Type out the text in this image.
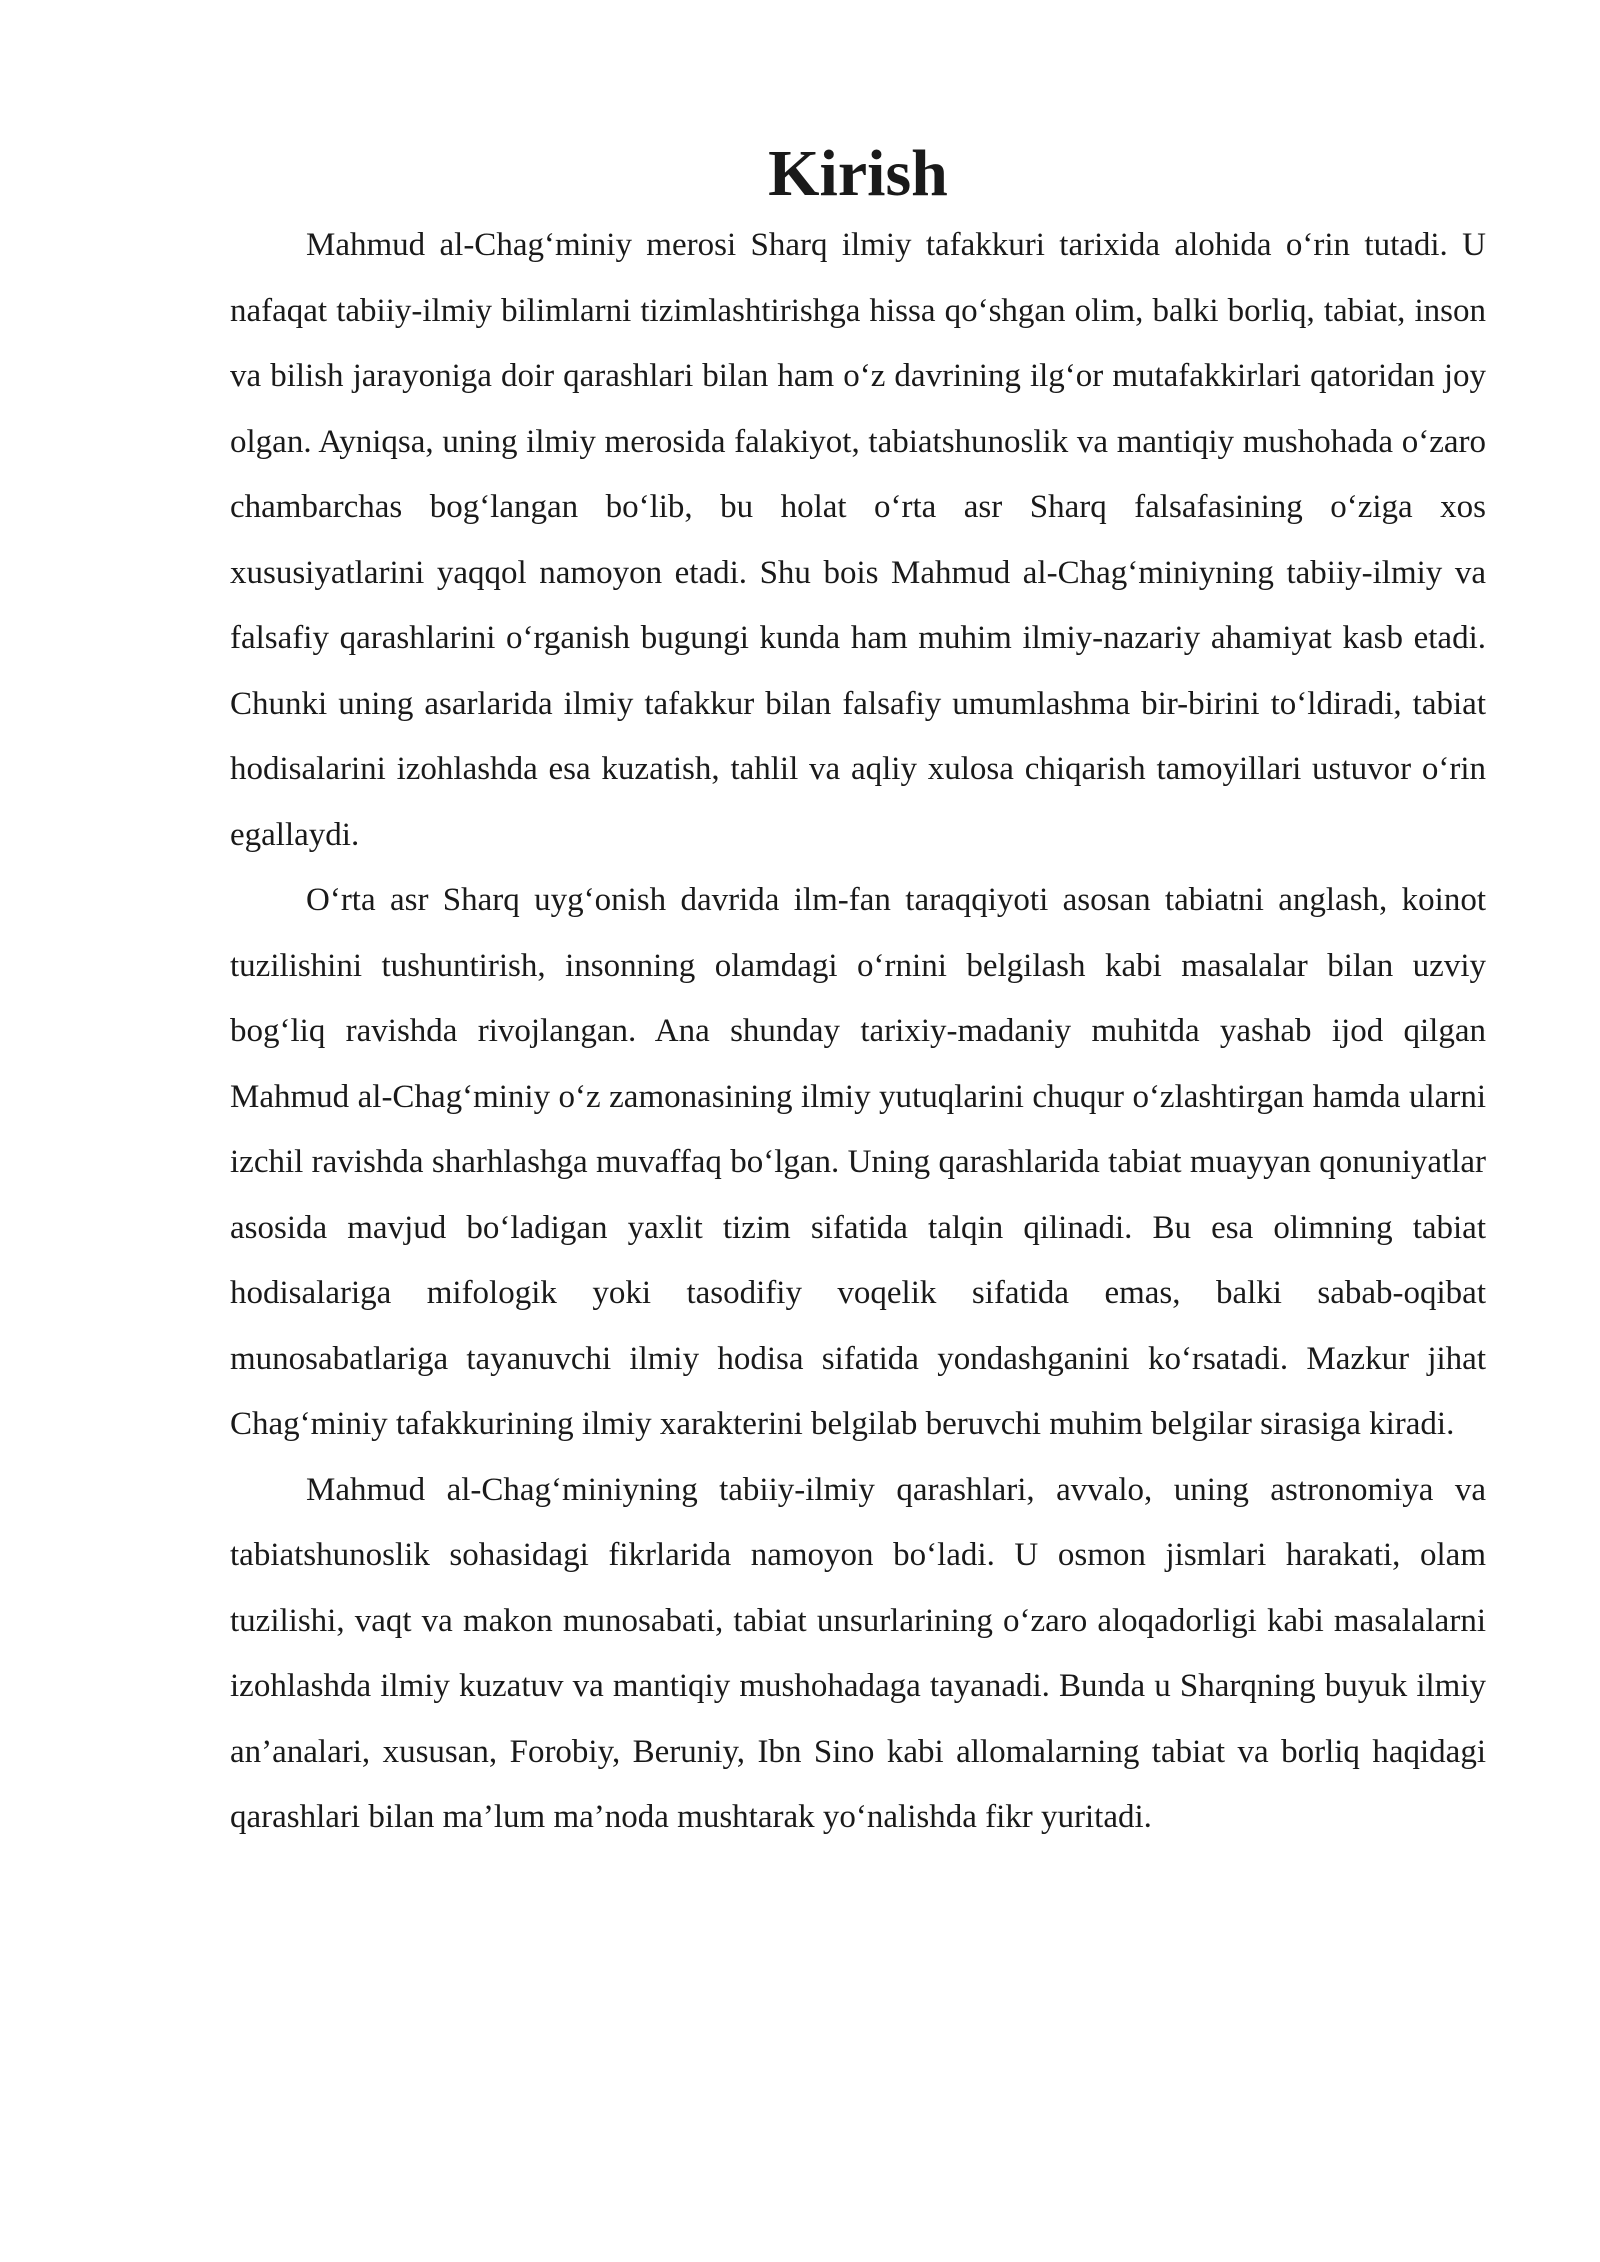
Kirish

Mahmud al-Chag‘miniy merosi Sharq ilmiy tafakkuri tarixida alohida o‘rin tutadi. U nafaqat tabiiy-ilmiy bilimlarni tizimlashtirishga hissa qo‘shgan olim, balki borliq, tabiat, inson va bilish jarayoniga doir qarashlari bilan ham o‘z davrining ilg‘or mutafakkirlari qatoridan joy olgan. Ayniqsa, uning ilmiy merosida falakiyot, tabiatshunoslik va mantiqiy mushohada o‘zaro chambarchas bog‘langan bo‘lib, bu holat o‘rta asr Sharq falsafasining o‘ziga xos xususiyatlarini yaqqol namoyon etadi. Shu bois Mahmud al-Chag‘miniyning tabiiy-ilmiy va falsafiy qarashlarini o‘rganish bugungi kunda ham muhim ilmiy-nazariy ahamiyat kasb etadi. Chunki uning asarlarida ilmiy tafakkur bilan falsafiy umumlashma bir-birini to‘ldiradi, tabiat hodisalarini izohlashda esa kuzatish, tahlil va aqliy xulosa chiqarish tamoyillari ustuvor o‘rin egallaydi.

O‘rta asr Sharq uyg‘onish davrida ilm-fan taraqqiyoti asosan tabiatni anglash, koinot tuzilishini tushuntirish, insonning olamdagi o‘rnini belgilash kabi masalalar bilan uzviy bog‘liq ravishda rivojlangan. Ana shunday tarixiy-madaniy muhitda yashab ijod qilgan Mahmud al-Chag‘miniy o‘z zamonasining ilmiy yutuqlarini chuqur o‘zlashtirgan hamda ularni izchil ravishda sharhlashga muvaffaq bo‘lgan. Uning qarashlarida tabiat muayyan qonuniyatlar asosida mavjud bo‘ladigan yaxlit tizim sifatida talqin qilinadi. Bu esa olimning tabiat hodisalariga mifologik yoki tasodifiy voqelik sifatida emas, balki sabab-oqibat munosabatlariga tayanuvchi ilmiy hodisa sifatida yondashganini ko‘rsatadi. Mazkur jihat Chag‘miniy tafakkurining ilmiy xarakterini belgilab beruvchi muhim belgilar sirasiga kiradi.

Mahmud al-Chag‘miniyning tabiiy-ilmiy qarashlari, avvalo, uning astronomiya va tabiatshunoslik sohasidagi fikrlarida namoyon bo‘ladi. U osmon jismlari harakati, olam tuzilishi, vaqt va makon munosabati, tabiat unsurlarining o‘zaro aloqadorligi kabi masalalarni izohlashda ilmiy kuzatuv va mantiqiy mushohadaga tayanadi. Bunda u Sharqning buyuk ilmiy an’analari, xususan, Forobiy, Beruniy, Ibn Sino kabi allomalarning tabiat va borliq haqidagi qarashlari bilan ma’lum ma’noda mushtarak yo‘nalishda fikr yuritadi.
